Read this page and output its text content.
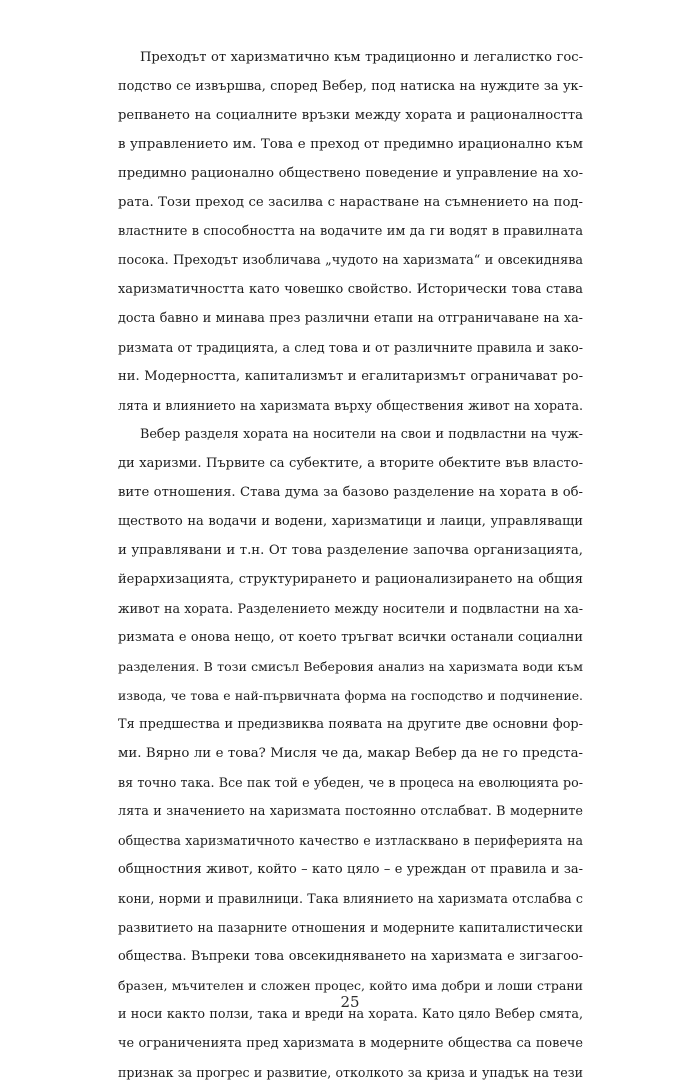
Преходът от харизматично към традиционно и легалистко гос-
подство се извършва, според Вебер, под натиска на нуждите за ук-
репването на социалните връзки между хората и рационалността
в управлението им. Това е преход от предимно ирационално към
предимно рационално обществено поведение и управление на хо-
рата. Този преход се засилва с нарастване на съмнението на под-
властните в способността на водачите им да ги водят в правилната
посока. Преходът изобличава „чудото на харизмата“ и овсекиднява
харизматичността като човешко свойство. Исторически това става
доста бавно и минава през различни етапи на отграничаване на ха-
ризмата от традицията, а след това и от различните правила и зако-
ни. Модерността, капитализмът и егалитаризмът ограничават ро-
лята и влиянието на харизмата върху обществения живот на хората.
Вебер разделя хората на носители на свои и подвластни на чуж-
ди харизми. Първите са субектите, а вторите обектите във власто-
вите отношения. Става дума за базово разделение на хората в об-
ществото на водачи и водени, харизматици и лаици, управляващи
и управлявани и т.н. От това разделение започва организацията,
йерархизацията, структурирането и рационализирането на общия
живот на хората. Разделението между носители и подвластни на ха-
ризмата е онова нещо, от което тръгват всички останали социални
разделения. В този смисъл Веберовия анализ на харизмата води към
извода, че това е най-първичната форма на господство и подчинение.
Тя предшества и предизвиква появата на другите две основни фор-
ми. Вярно ли е това? Мисля че да, макар Вебер да не го предста-
вя точно така. Все пак той е убеден, че в процеса на еволюцията ро-
лята и значението на харизмата постоянно отслабват. В модерните
общества харизматичното качество е изтласквано в периферията на
общностния живот, който – като цяло – е уреждан от правила и за-
кони, норми и правилници. Така влиянието на харизмата отслабва с
развитието на пазарните отношения и модерните капиталистически
общества. Въпреки това овсекидняването на харизмата е зигзагоо-
бразен, мъчителен и сложен процес, който има добри и лоши страни
и носи както ползи, така и вреди на хората. Като цяло Вебер смята,
че ограниченията пред харизмата в модерните общества са повече
признак за прогрес и развитие, отколкото за криза и упадък на тези
25
